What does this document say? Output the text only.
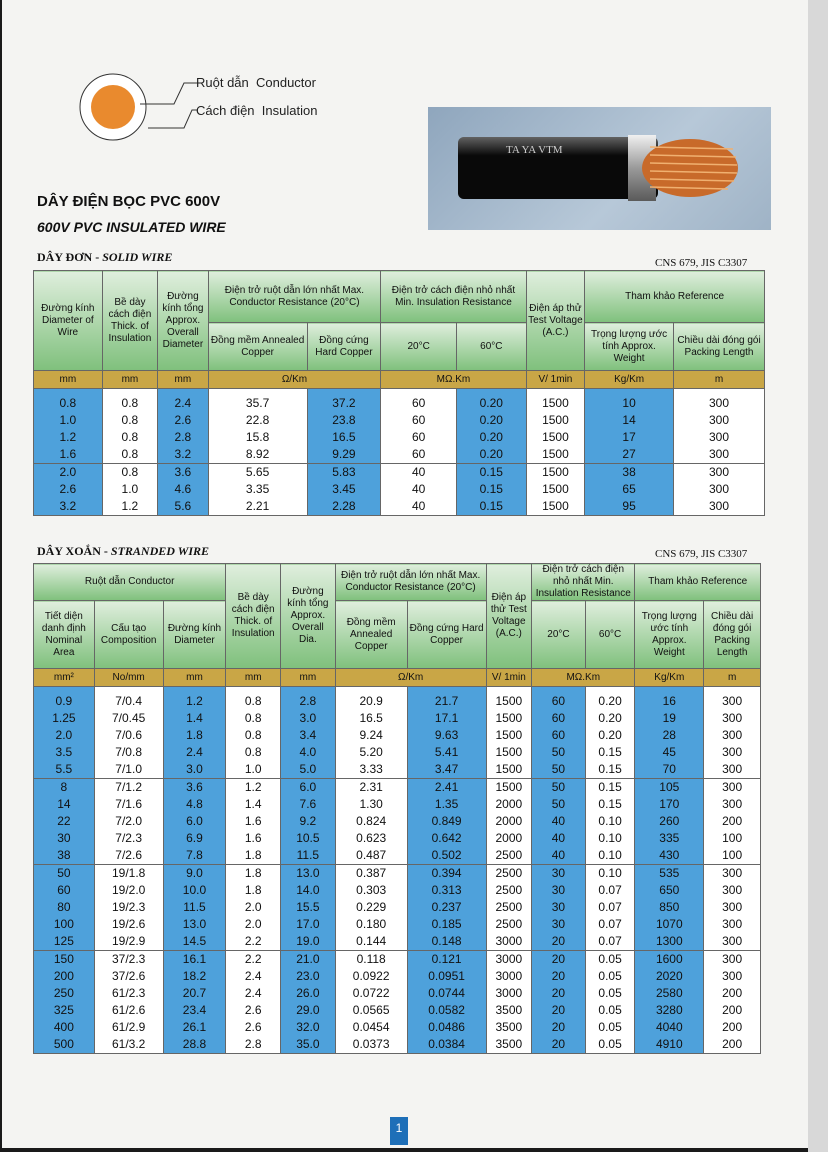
Ruột dẫn Conductor
Cách điện Insulation
TA YA VTM
DÂY ĐIỆN BỌC PVC 600V
600V PVC INSULATED WIRE
DÂY ĐƠN - SOLID WIRE	CNS 679, JIS C3307
Đường kính Diameter of Wire	Bề dày cách điện Thick. of Insulation	Đường kính tổng Approx. Overall Diameter	Điện trở ruột dẫn lớn nhất Max. Conductor Resistance (20°C)		Điện trở cách điện nhỏ nhất Min. Insulation Resistance		Điện áp thử Test Voltage (A.C.)	Tham khảo Reference	
			Đồng mềm Annealed Copper	Đồng cứng Hard Copper	20°C	60°C		Trọng lượng ước tính Approx. Weight	Chiều dài đóng gói Packing Length
mm	mm	mm	Ω/Km		MΩ.Km		V/ 1min	Kg/Km	m

0.8	0.8	2.4	35.7	37.2	60	0.20	1500	10	300
1.0	0.8	2.6	22.8	23.8	60	0.20	1500	14	300
1.2	0.8	2.8	15.8	16.5	60	0.20	1500	17	300
1.6	0.8	3.2	8.92	9.29	60	0.20	1500	27	300
2.0	0.8	3.6	5.65	5.83	40	0.15	1500	38	300
2.6	1.0	4.6	3.35	3.45	40	0.15	1500	65	300
3.2	1.2	5.6	2.21	2.28	40	0.15	1500	95	300
DÂY XOẮN - STRANDED WIRE	CNS 679, JIS C3307
Ruột dẫn Conductor			Bề dày cách điện Thick. of Insulation	Đường kính tổng Approx. Overall Dia.	Điện trở ruột dẫn lớn nhất Max. Conductor Resistance (20°C)		Điện áp thử Test Voltage (A.C.)	Điện trở cách điện nhỏ nhất Min. Insulation Resistance		Tham khảo Reference	
Tiết diện danh định Nominal Area	Cấu tạo Composition	Đường kính Diameter			Đồng mềm Annealed Copper	Đồng cứng Hard Copper		20°C	60°C	Trọng lượng ước tính Approx. Weight	Chiều dài đóng gói Packing Length
mm²	No/mm	mm	mm	mm	Ω/Km		V/ 1min	MΩ.Km		Kg/Km	m

0.9	7/0.4	1.2	0.8	2.8	20.9	21.7	1500	60	0.20	16	300
1.25	7/0.45	1.4	0.8	3.0	16.5	17.1	1500	60	0.20	19	300
2.0	7/0.6	1.8	0.8	3.4	9.24	9.63	1500	60	0.20	28	300
3.5	7/0.8	2.4	0.8	4.0	5.20	5.41	1500	50	0.15	45	300
5.5	7/1.0	3.0	1.0	5.0	3.33	3.47	1500	50	0.15	70	300
8	7/1.2	3.6	1.2	6.0	2.31	2.41	1500	50	0.15	105	300
14	7/1.6	4.8	1.4	7.6	1.30	1.35	2000	50	0.15	170	300
22	7/2.0	6.0	1.6	9.2	0.824	0.849	2000	40	0.10	260	200
30	7/2.3	6.9	1.6	10.5	0.623	0.642	2000	40	0.10	335	100
38	7/2.6	7.8	1.8	11.5	0.487	0.502	2500	40	0.10	430	100
50	19/1.8	9.0	1.8	13.0	0.387	0.394	2500	30	0.10	535	300
60	19/2.0	10.0	1.8	14.0	0.303	0.313	2500	30	0.07	650	300
80	19/2.3	11.5	2.0	15.5	0.229	0.237	2500	30	0.07	850	300
100	19/2.6	13.0	2.0	17.0	0.180	0.185	2500	30	0.07	1070	300
125	19/2.9	14.5	2.2	19.0	0.144	0.148	3000	20	0.07	1300	300
150	37/2.3	16.1	2.2	21.0	0.118	0.121	3000	20	0.05	1600	300
200	37/2.6	18.2	2.4	23.0	0.0922	0.0951	3000	20	0.05	2020	300
250	61/2.3	20.7	2.4	26.0	0.0722	0.0744	3000	20	0.05	2580	200
325	61/2.6	23.4	2.6	29.0	0.0565	0.0582	3500	20	0.05	3280	200
400	61/2.9	26.1	2.6	32.0	0.0454	0.0486	3500	20	0.05	4040	200
500	61/3.2	28.8	2.8	35.0	0.0373	0.0384	3500	20	0.05	4910	200
1
